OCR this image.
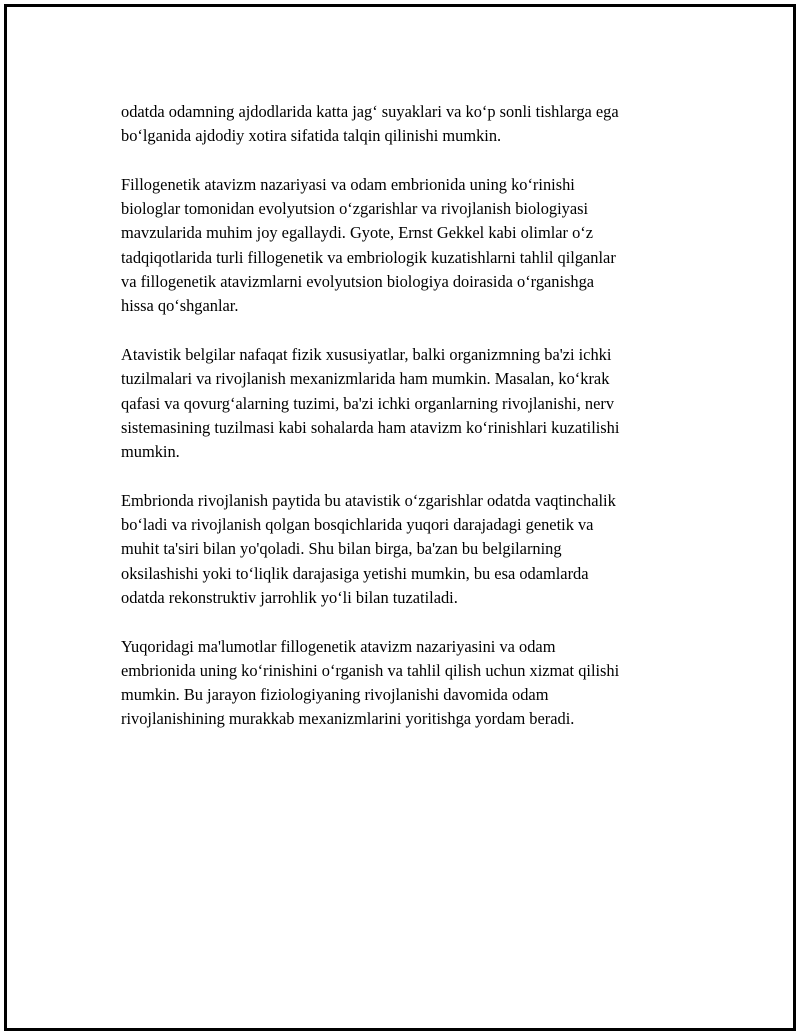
odatda odamning ajdodlarida katta jag‘ suyaklari va ko‘p sonli tishlarga ega
bo‘lganida ajdodiy xotira sifatida talqin qilinishi mumkin.

Fillogenetik atavizm nazariyasi va odam embrionida uning ko‘rinishi
biologlar tomonidan evolyutsion o‘zgarishlar va rivojlanish biologiyasi
mavzularida muhim joy egallaydi. Gyote, Ernst Gekkel kabi olimlar o‘z
tadqiqotlarida turli fillogenetik va embriologik kuzatishlarni tahlil qilganlar
va fillogenetik atavizmlarni evolyutsion biologiya doirasida o‘rganishga
hissa qo‘shganlar.

Atavistik belgilar nafaqat fizik xususiyatlar, balki organizmning ba'zi ichki
tuzilmalari va rivojlanish mexanizmlarida ham mumkin. Masalan, ko‘krak
qafasi va qovurg‘alarning tuzimi, ba'zi ichki organlarning rivojlanishi, nerv
sistemasining tuzilmasi kabi sohalarda ham atavizm ko‘rinishlari kuzatilishi
mumkin.

Embrionda rivojlanish paytida bu atavistik o‘zgarishlar odatda vaqtinchalik
bo‘ladi va rivojlanish qolgan bosqichlarida yuqori darajadagi genetik va
muhit ta'siri bilan yo'qoladi. Shu bilan birga, ba'zan bu belgilarning
oksilashishi yoki to‘liqlik darajasiga yetishi mumkin, bu esa odamlarda
odatda rekonstruktiv jarrohlik yo‘li bilan tuzatiladi.

Yuqoridagi ma'lumotlar fillogenetik atavizm nazariyasini va odam
embrionida uning ko‘rinishini o‘rganish va tahlil qilish uchun xizmat qilishi
mumkin. Bu jarayon fiziologiyaning rivojlanishi davomida odam
rivojlanishining murakkab mexanizmlarini yoritishga yordam beradi.
